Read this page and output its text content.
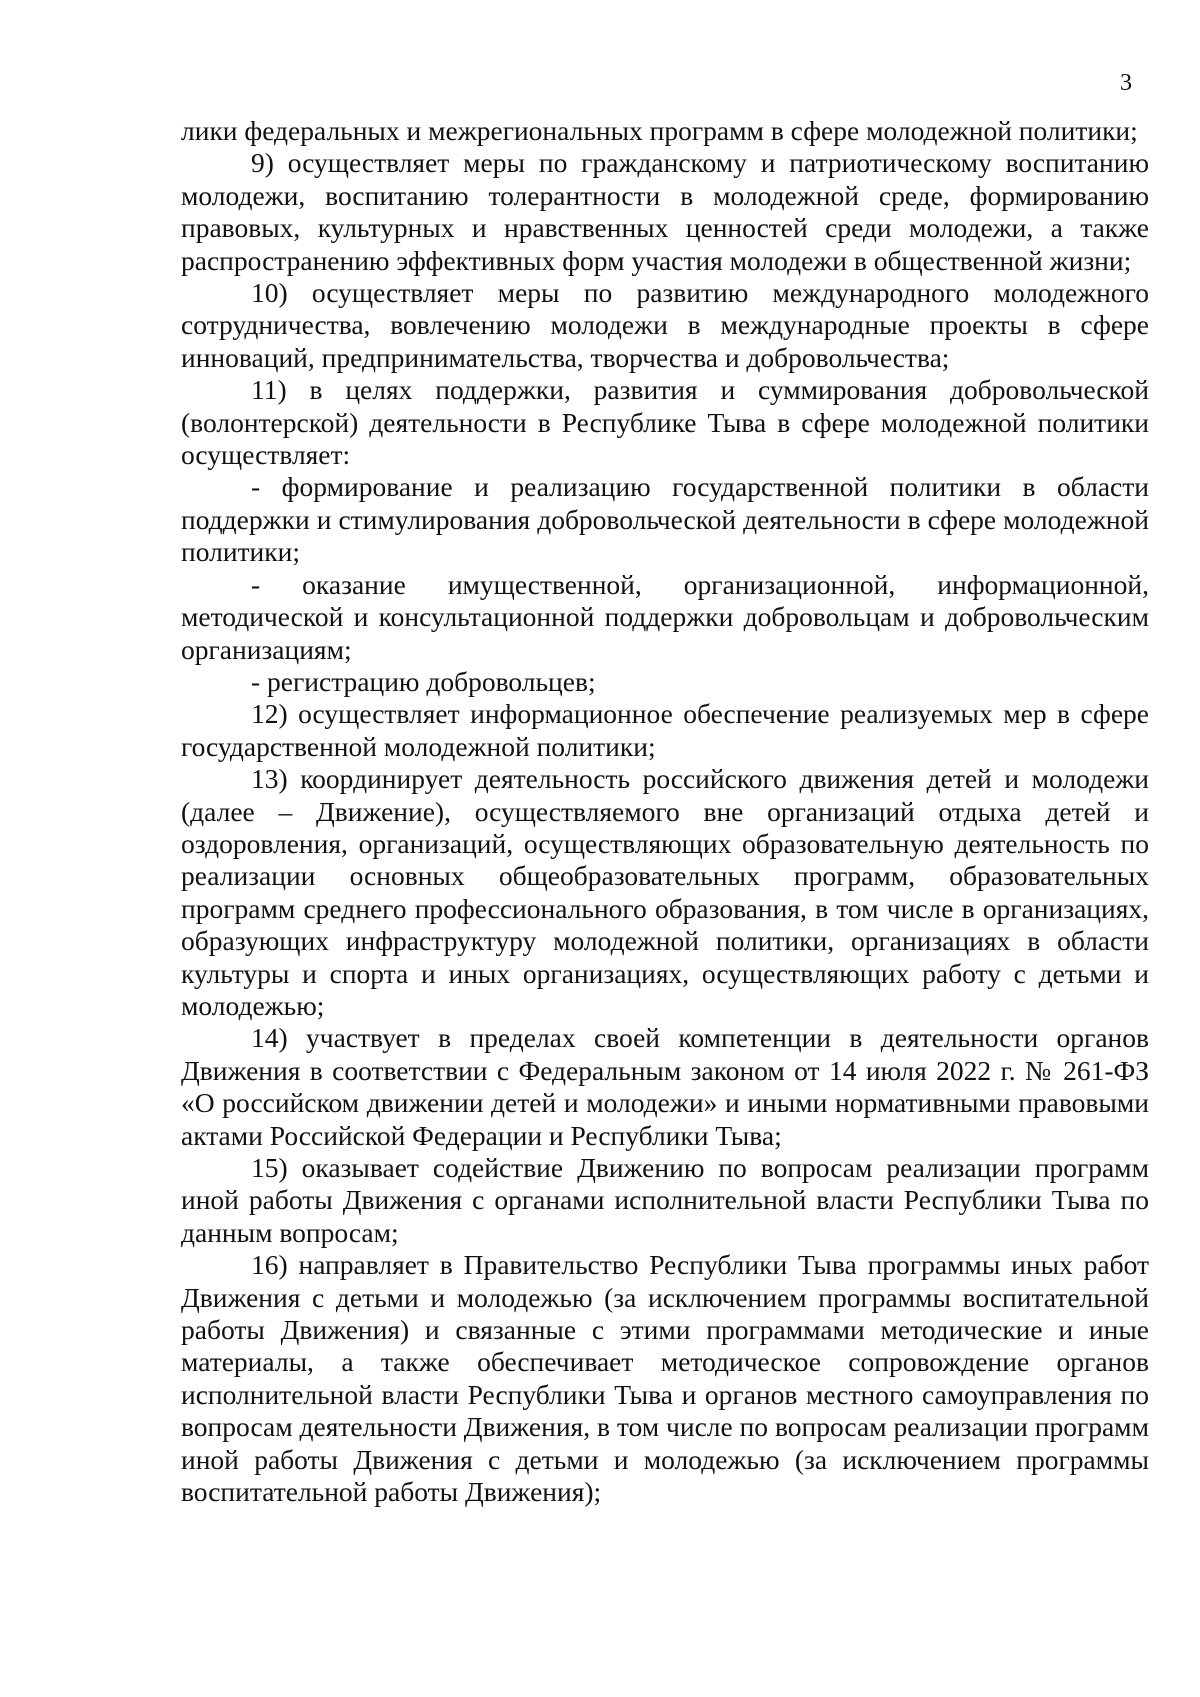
3

лики федеральных и межрегиональных программ в сфере молодежной политики;

9) осуществляет меры по гражданскому и патриотическому воспитанию молодежи, воспитанию толерантности в молодежной среде, формированию правовых, культурных и нравственных ценностей среди молодежи, а также распространению эффективных форм участия молодежи в общественной жизни;

10) осуществляет меры по развитию международного молодежного сотрудничества, вовлечению молодежи в международные проекты в сфере инноваций, предпринимательства, творчества и добровольчества;

11) в целях поддержки, развития и суммирования добровольческой (волонтерской) деятельности в Республике Тыва в сфере молодежной политики осуществляет:

- формирование и реализацию государственной политики в области поддержки и стимулирования добровольческой деятельности в сфере молодежной политики;

- оказание имущественной, организационной, информационной, методической и консультационной поддержки добровольцам и добровольческим организациям;

- регистрацию добровольцев;

12) осуществляет информационное обеспечение реализуемых мер в сфере государственной молодежной политики;

13) координирует деятельность российского движения детей и молодежи (далее – Движение), осуществляемого вне организаций отдыха детей и оздоровления, организаций, осуществляющих образовательную деятельность по реализации основных общеобразовательных программ, образовательных программ среднего профессионального образования, в том числе в организациях, образующих инфраструктуру молодежной политики, организациях в области культуры и спорта и иных организациях, осуществляющих работу с детьми и молодежью;

14) участвует в пределах своей компетенции в деятельности органов Движения в соответствии с Федеральным законом от 14 июля 2022 г. № 261-ФЗ «О российском движении детей и молодежи» и иными нормативными правовыми актами Российской Федерации и Республики Тыва;

15) оказывает содействие Движению по вопросам реализации программ иной работы Движения с органами исполнительной власти Республики Тыва по данным вопросам;

16) направляет в Правительство Республики Тыва программы иных работ Движения с детьми и молодежью (за исключением программы воспитательной работы Движения) и связанные с этими программами методические и иные материалы, а также обеспечивает методическое сопровождение органов исполнительной власти Республики Тыва и органов местного самоуправления по вопросам деятельности Движения, в том числе по вопросам реализации программ иной работы Движения с детьми и молодежью (за исключением программы воспитательной работы Движения);
